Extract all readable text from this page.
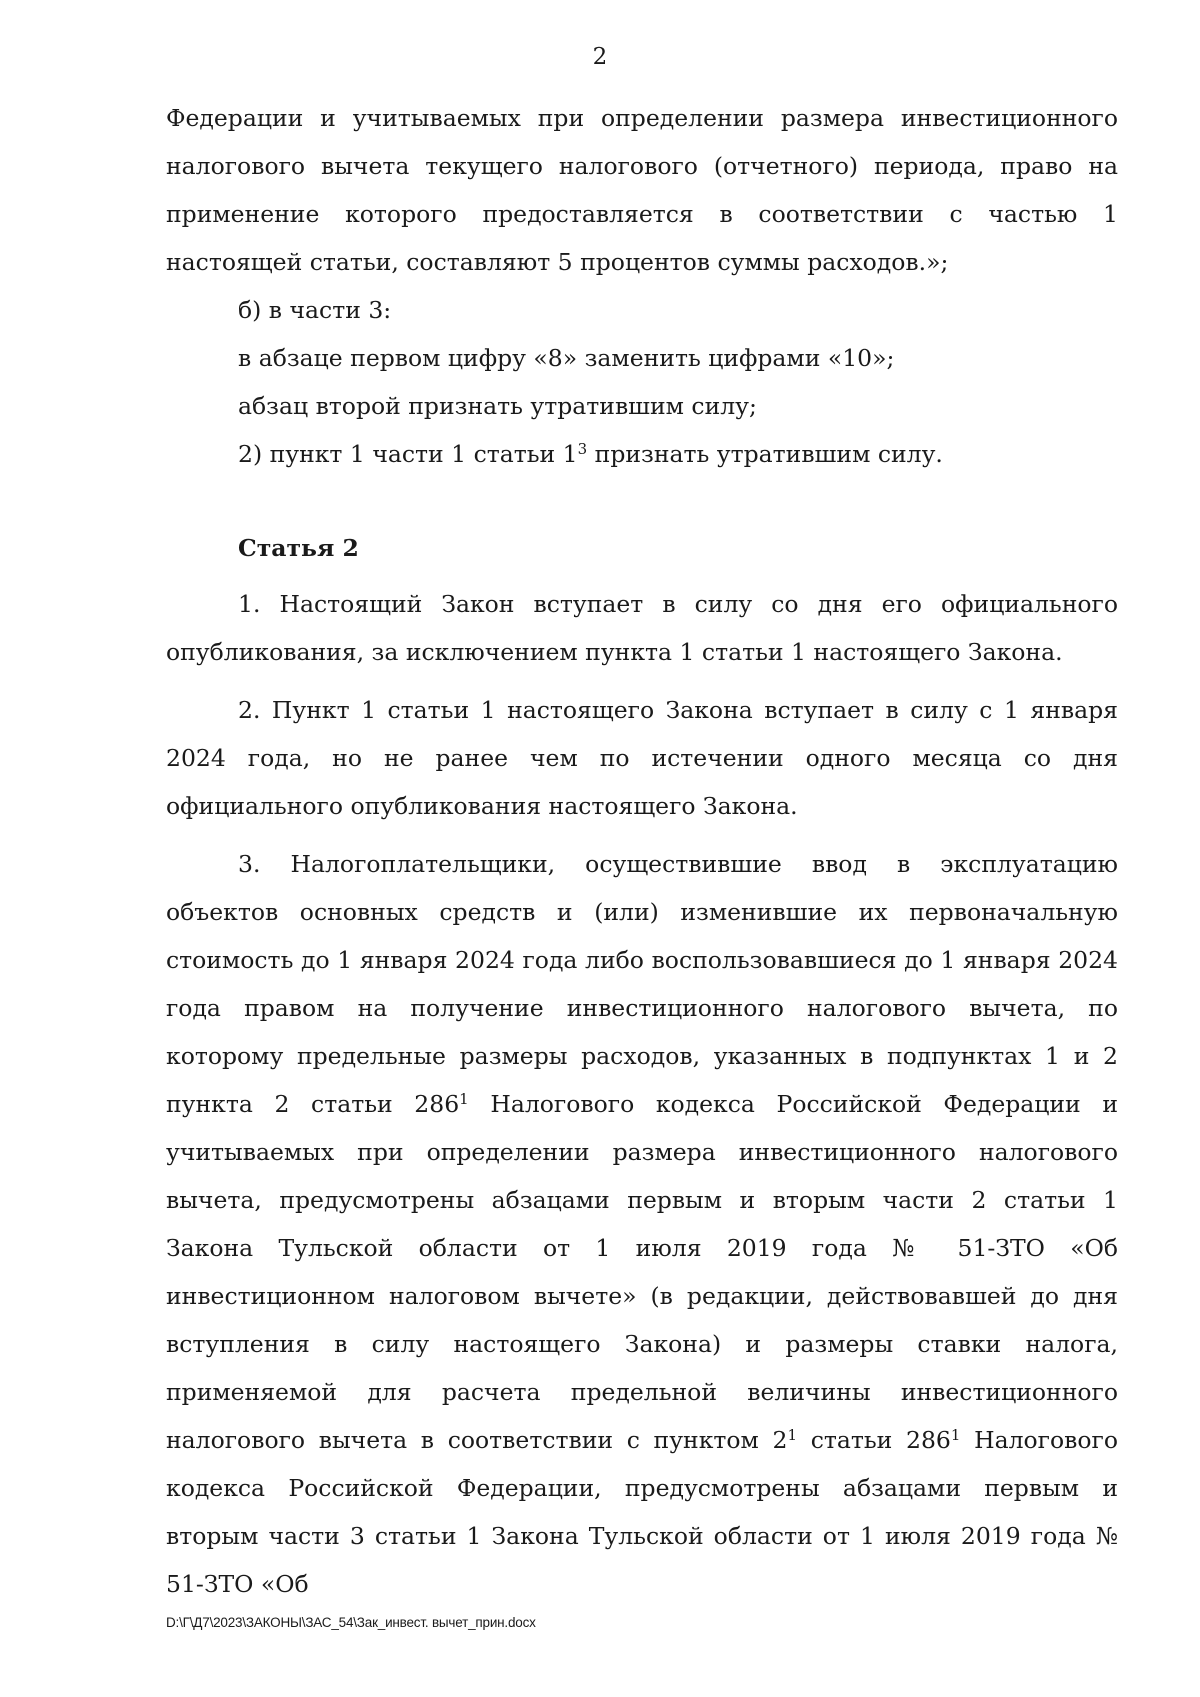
2

Федерации и учитываемых при определении размера инвестиционного налогового вычета текущего налогового (отчетного) периода, право на применение которого предоставляется в соответствии с частью 1 настоящей статьи, составляют 5 процентов суммы расходов.»;

б) в части 3:

в абзаце первом цифру «8» заменить цифрами «10»;

абзац второй признать утратившим силу;

2) пункт 1 части 1 статьи $1^3$ признать утратившим силу.

Статья 2

1. Настоящий Закон вступает в силу со дня его официального опубликования, за исключением пункта 1 статьи 1 настоящего Закона.

2. Пункт 1 статьи 1 настоящего Закона вступает в силу с 1 января 2024 года, но не ранее чем по истечении одного месяца со дня официального опубликования настоящего Закона.

3. Налогоплательщики, осуществившие ввод в эксплуатацию объектов основных средств и (или) изменившие их первоначальную стоимость до 1 января 2024 года либо воспользовавшиеся до 1 января 2024 года правом на получение инвестиционного налогового вычета, по которому предельные размеры расходов, указанных в подпунктах 1 и 2 пункта 2 статьи $286^1$ Налогового кодекса Российской Федерации и учитываемых при определении размера инвестиционного налогового вычета, предусмотрены абзацами первым и вторым части 2 статьи 1 Закона Тульской области от 1 июля 2019 года № 51-ЗТО «Об инвестиционном налоговом вычете» (в редакции, действовавшей до дня вступления в силу настоящего Закона) и размеры ставки налога, применяемой для расчета предельной величины инвестиционного налогового вычета в соответствии с пунктом $2^1$ статьи $286^1$ Налогового кодекса Российской Федерации, предусмотрены абзацами первым и вторым части 3 статьи 1 Закона Тульской области от 1 июля 2019 года № 51-ЗТО «Об

D:\Г\Д7\2023\ЗАКОНЫ\ЗАС_54\Зак_инвест. вычет_прин.docx
